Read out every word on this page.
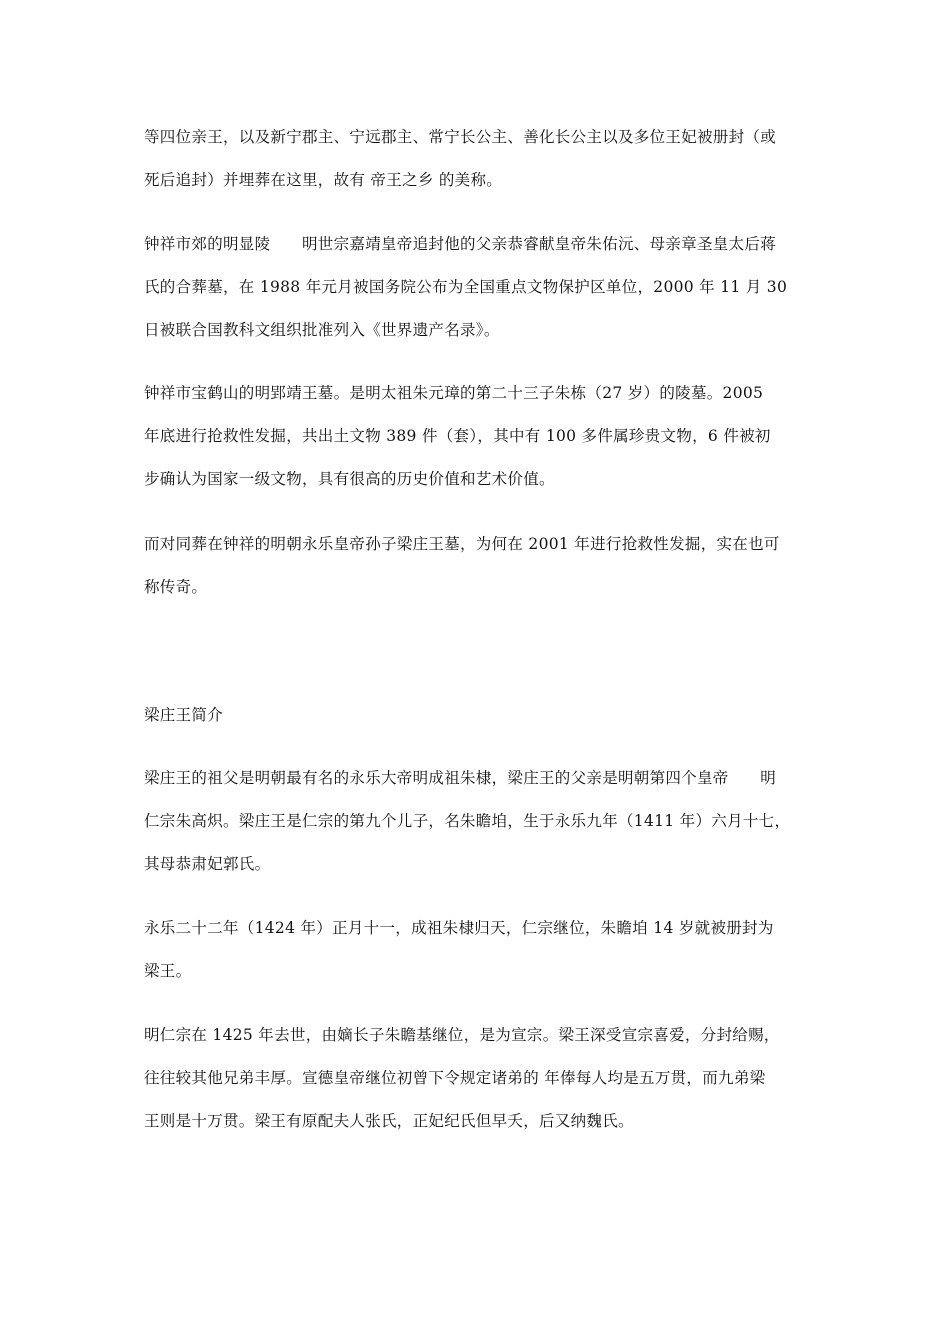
等四位亲王，以及新宁郡主、宁远郡主、常宁长公主、善化长公主以及多位王妃被册封（或
死后追封）并埋葬在这里，故有 帝王之乡 的美称。

钟祥市郊的明显陵　　明世宗嘉靖皇帝追封他的父亲恭睿献皇帝朱佑沅、母亲章圣皇太后蒋
氏的合葬墓，在 1988 年元月被国务院公布为全国重点文物保护区单位，2000 年 11 月 30
日被联合国教科文组织批准列入《世界遗产名录》。

钟祥市宝鹤山的明郢靖王墓。是明太祖朱元璋的第二十三子朱栋（27 岁）的陵墓。2005
年底进行抢救性发掘，共出土文物 389 件（套），其中有 100 多件属珍贵文物，6 件被初
步确认为国家一级文物，具有很高的历史价值和艺术价值。

而对同葬在钟祥的明朝永乐皇帝孙子梁庄王墓，为何在 2001 年进行抢救性发掘，实在也可
称传奇。

梁庄王简介

梁庄王的祖父是明朝最有名的永乐大帝明成祖朱棣，梁庄王的父亲是明朝第四个皇帝　　明
仁宗朱高炽。梁庄王是仁宗的第九个儿子，名朱瞻垍，生于永乐九年（1411 年）六月十七，
其母恭肃妃郭氏。

永乐二十二年（1424 年）正月十一，成祖朱棣归天，仁宗继位，朱瞻垍 14 岁就被册封为
梁王。

明仁宗在 1425 年去世，由嫡长子朱瞻基继位，是为宣宗。梁王深受宣宗喜爱，分封给赐，
往往较其他兄弟丰厚。宣德皇帝继位初曾下令规定诸弟的 年俸每人均是五万贯，而九弟梁
王则是十万贯。梁王有原配夫人张氏，正妃纪氏但早夭，后又纳魏氏。
